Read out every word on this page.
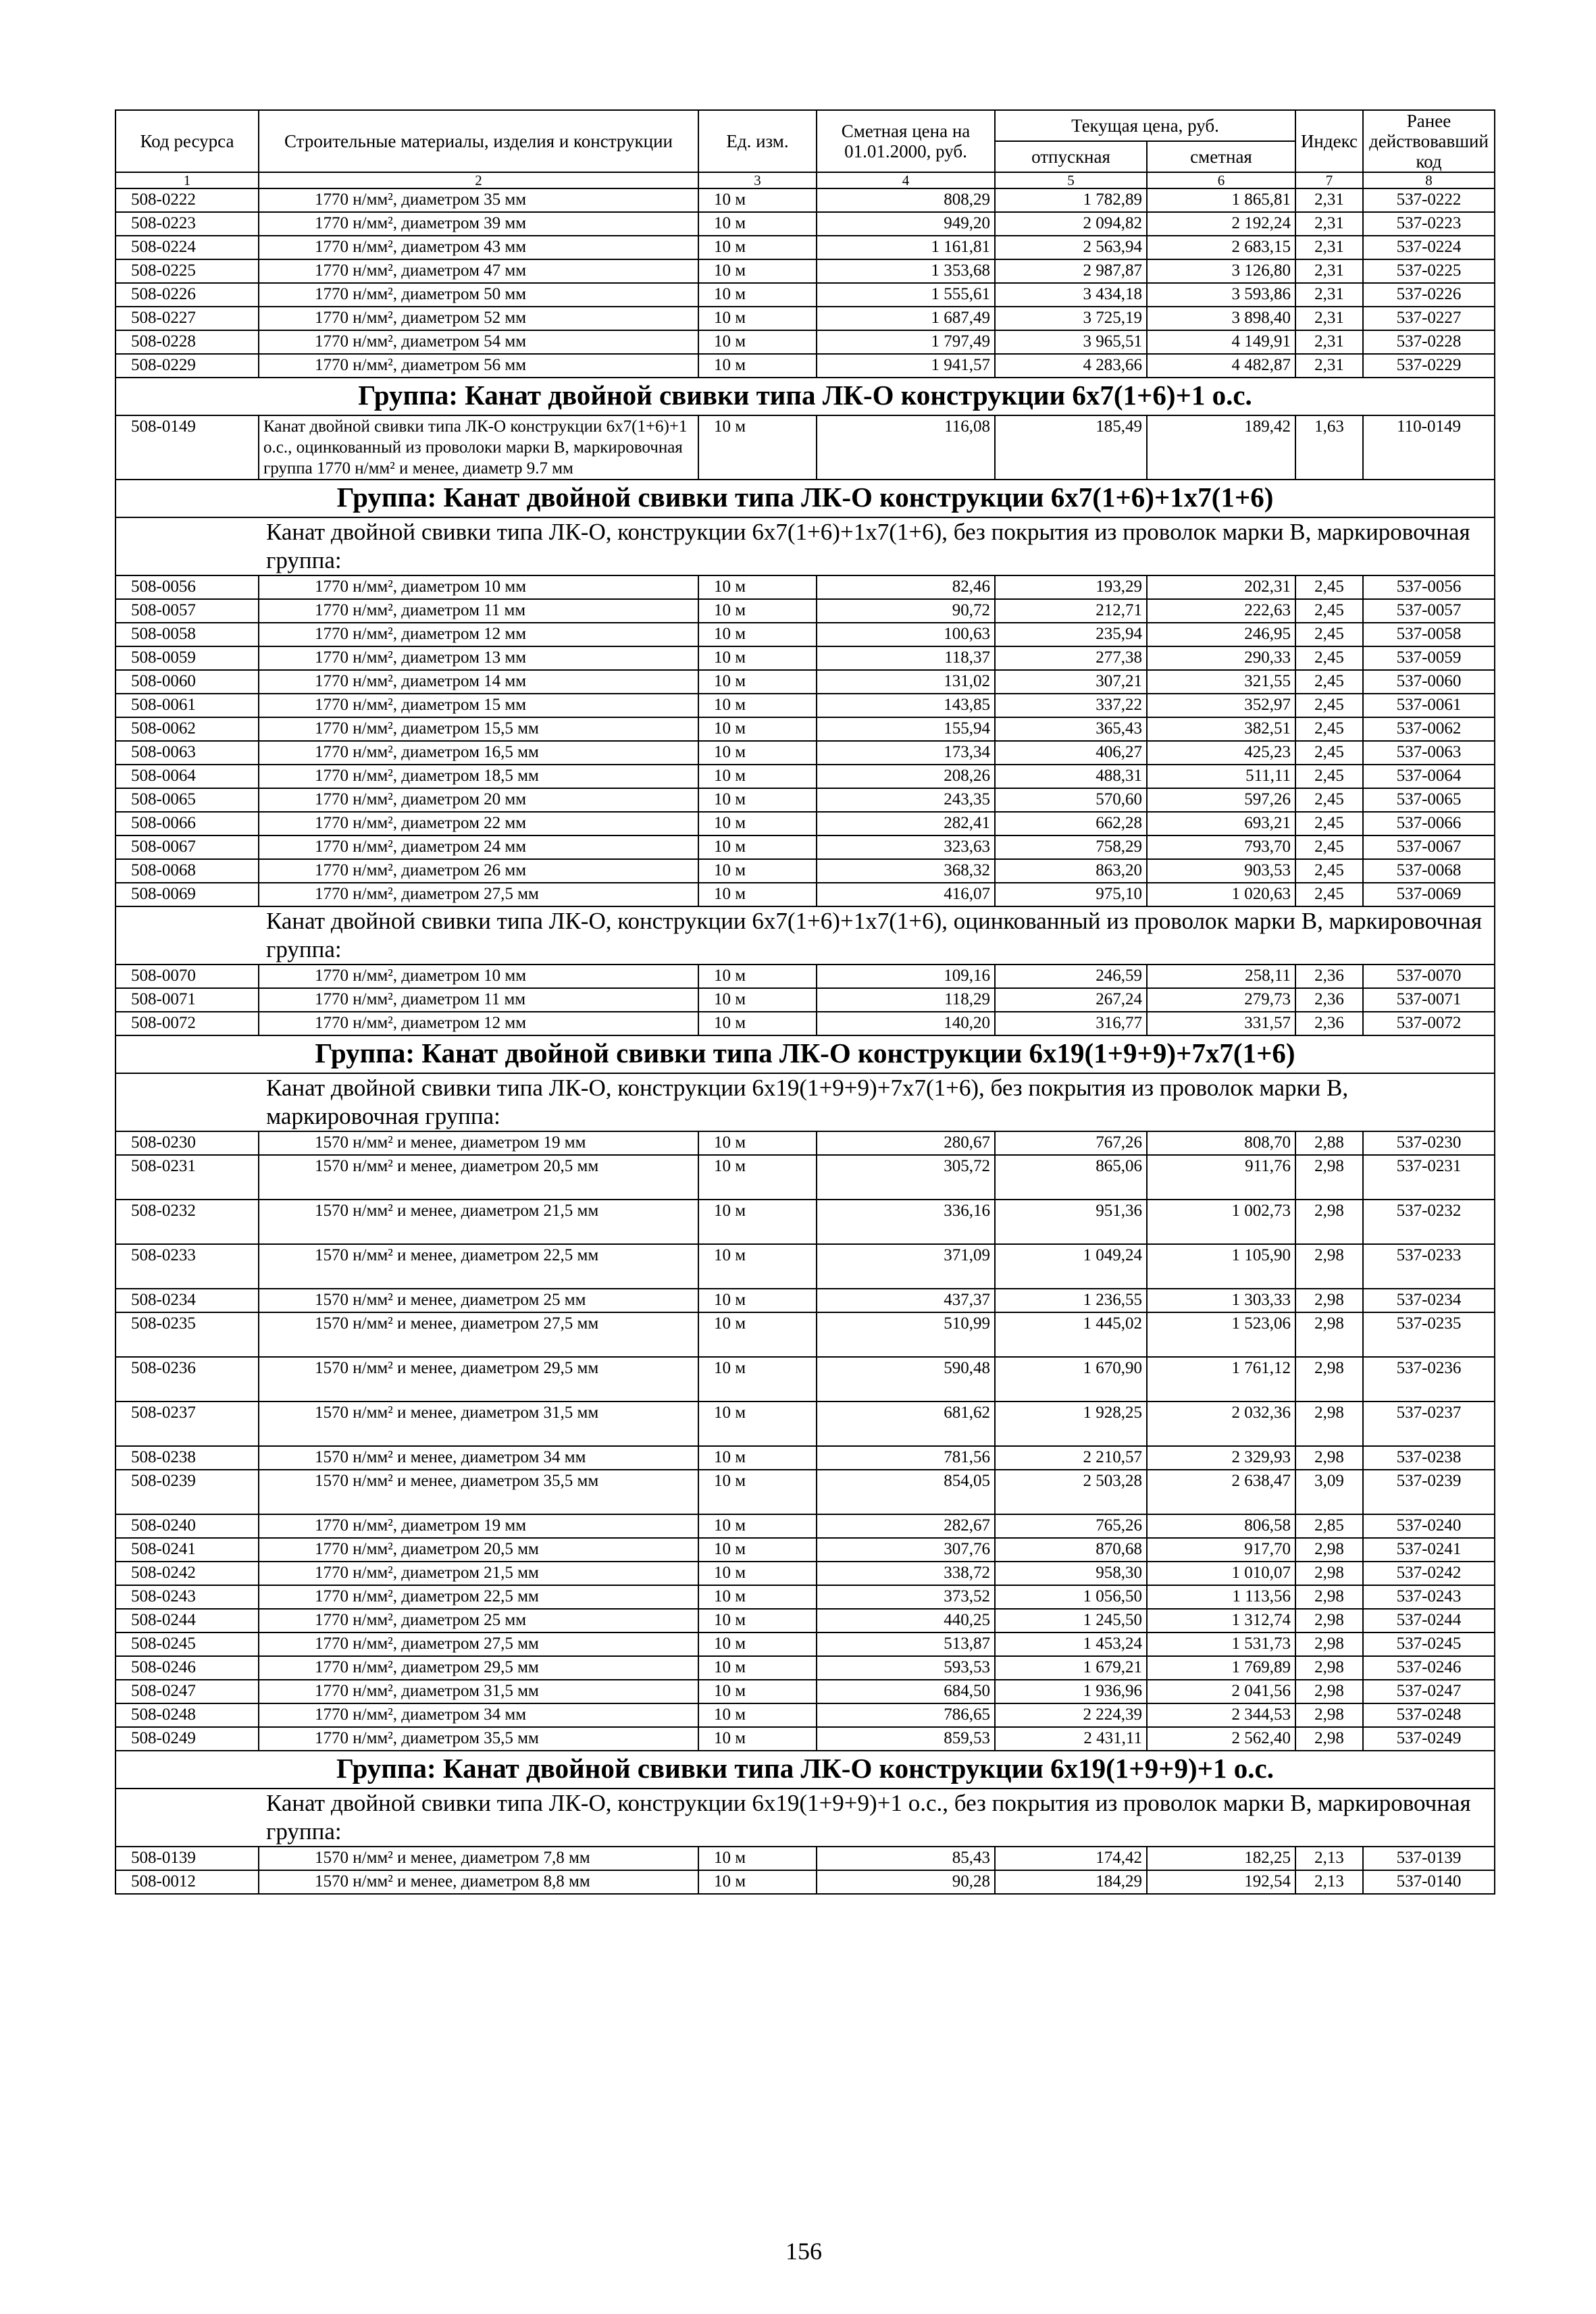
Код ресурса	Строительные материалы, изделия и конструкции	Ед. изм.	Сметная цена на 01.01.2000, руб.	Текущая цена, руб.		Индекс	Ранее действовавший код
				отпускная	сметная		
1	2	3	4	5	6	7	8
508-0222	1770 н/мм², диаметром 35 мм	10 м	808,29	1 782,89	1 865,81	2,31	537-0222
508-0223	1770 н/мм², диаметром 39 мм	10 м	949,20	2 094,82	2 192,24	2,31	537-0223
508-0224	1770 н/мм², диаметром 43 мм	10 м	1 161,81	2 563,94	2 683,15	2,31	537-0224
508-0225	1770 н/мм², диаметром 47 мм	10 м	1 353,68	2 987,87	3 126,80	2,31	537-0225
508-0226	1770 н/мм², диаметром 50 мм	10 м	1 555,61	3 434,18	3 593,86	2,31	537-0226
508-0227	1770 н/мм², диаметром 52 мм	10 м	1 687,49	3 725,19	3 898,40	2,31	537-0227
508-0228	1770 н/мм², диаметром 54 мм	10 м	1 797,49	3 965,51	4 149,91	2,31	537-0228
508-0229	1770 н/мм², диаметром 56 мм	10 м	1 941,57	4 283,66	4 482,87	2,31	537-0229
Группа: Канат двойной свивки типа ЛК-О конструкции 6х7(1+6)+1 о.с.							
508-0149	Канат двойной свивки типа ЛК-О конструкции 6х7(1+6)+1 о.с., оцинкованный из проволоки марки В, маркировочная группа 1770 н/мм² и менее, диаметр 9.7 мм	10 м	116,08	185,49	189,42	1,63	110-0149
Группа: Канат двойной свивки типа ЛК-О конструкции 6х7(1+6)+1х7(1+6)							
Канат двойной свивки типа ЛК-О, конструкции 6х7(1+6)+1х7(1+6), без покрытия из проволок марки В, маркировочная группа:							
508-0056	1770 н/мм², диаметром 10 мм	10 м	82,46	193,29	202,31	2,45	537-0056
508-0057	1770 н/мм², диаметром 11 мм	10 м	90,72	212,71	222,63	2,45	537-0057
508-0058	1770 н/мм², диаметром 12 мм	10 м	100,63	235,94	246,95	2,45	537-0058
508-0059	1770 н/мм², диаметром 13 мм	10 м	118,37	277,38	290,33	2,45	537-0059
508-0060	1770 н/мм², диаметром 14 мм	10 м	131,02	307,21	321,55	2,45	537-0060
508-0061	1770 н/мм², диаметром 15 мм	10 м	143,85	337,22	352,97	2,45	537-0061
508-0062	1770 н/мм², диаметром 15,5 мм	10 м	155,94	365,43	382,51	2,45	537-0062
508-0063	1770 н/мм², диаметром 16,5 мм	10 м	173,34	406,27	425,23	2,45	537-0063
508-0064	1770 н/мм², диаметром 18,5 мм	10 м	208,26	488,31	511,11	2,45	537-0064
508-0065	1770 н/мм², диаметром 20 мм	10 м	243,35	570,60	597,26	2,45	537-0065
508-0066	1770 н/мм², диаметром 22 мм	10 м	282,41	662,28	693,21	2,45	537-0066
508-0067	1770 н/мм², диаметром 24 мм	10 м	323,63	758,29	793,70	2,45	537-0067
508-0068	1770 н/мм², диаметром 26 мм	10 м	368,32	863,20	903,53	2,45	537-0068
508-0069	1770 н/мм², диаметром 27,5 мм	10 м	416,07	975,10	1 020,63	2,45	537-0069
Канат двойной свивки типа ЛК-О, конструкции 6х7(1+6)+1х7(1+6), оцинкованный из проволок марки В, маркировочная группа:							
508-0070	1770 н/мм², диаметром 10 мм	10 м	109,16	246,59	258,11	2,36	537-0070
508-0071	1770 н/мм², диаметром 11 мм	10 м	118,29	267,24	279,73	2,36	537-0071
508-0072	1770 н/мм², диаметром 12 мм	10 м	140,20	316,77	331,57	2,36	537-0072
Группа: Канат двойной свивки типа ЛК-О конструкции 6х19(1+9+9)+7х7(1+6)							
Канат двойной свивки типа ЛК-О, конструкции 6х19(1+9+9)+7х7(1+6), без покрытия из проволок марки В, маркировочная группа:							
508-0230	1570 н/мм² и менее, диаметром 19 мм	10 м	280,67	767,26	808,70	2,88	537-0230
508-0231	1570 н/мм² и менее, диаметром 20,5 мм	10 м	305,72	865,06	911,76	2,98	537-0231
508-0232	1570 н/мм² и менее, диаметром 21,5 мм	10 м	336,16	951,36	1 002,73	2,98	537-0232
508-0233	1570 н/мм² и менее, диаметром 22,5 мм	10 м	371,09	1 049,24	1 105,90	2,98	537-0233
508-0234	1570 н/мм² и менее, диаметром 25 мм	10 м	437,37	1 236,55	1 303,33	2,98	537-0234
508-0235	1570 н/мм² и менее, диаметром 27,5 мм	10 м	510,99	1 445,02	1 523,06	2,98	537-0235
508-0236	1570 н/мм² и менее, диаметром 29,5 мм	10 м	590,48	1 670,90	1 761,12	2,98	537-0236
508-0237	1570 н/мм² и менее, диаметром 31,5 мм	10 м	681,62	1 928,25	2 032,36	2,98	537-0237
508-0238	1570 н/мм² и менее, диаметром 34 мм	10 м	781,56	2 210,57	2 329,93	2,98	537-0238
508-0239	1570 н/мм² и менее, диаметром 35,5 мм	10 м	854,05	2 503,28	2 638,47	3,09	537-0239
508-0240	1770 н/мм², диаметром 19 мм	10 м	282,67	765,26	806,58	2,85	537-0240
508-0241	1770 н/мм², диаметром 20,5 мм	10 м	307,76	870,68	917,70	2,98	537-0241
508-0242	1770 н/мм², диаметром 21,5 мм	10 м	338,72	958,30	1 010,07	2,98	537-0242
508-0243	1770 н/мм², диаметром 22,5 мм	10 м	373,52	1 056,50	1 113,56	2,98	537-0243
508-0244	1770 н/мм², диаметром 25 мм	10 м	440,25	1 245,50	1 312,74	2,98	537-0244
508-0245	1770 н/мм², диаметром 27,5 мм	10 м	513,87	1 453,24	1 531,73	2,98	537-0245
508-0246	1770 н/мм², диаметром 29,5 мм	10 м	593,53	1 679,21	1 769,89	2,98	537-0246
508-0247	1770 н/мм², диаметром 31,5 мм	10 м	684,50	1 936,96	2 041,56	2,98	537-0247
508-0248	1770 н/мм², диаметром 34 мм	10 м	786,65	2 224,39	2 344,53	2,98	537-0248
508-0249	1770 н/мм², диаметром 35,5 мм	10 м	859,53	2 431,11	2 562,40	2,98	537-0249
Группа: Канат двойной свивки типа ЛК-О конструкции 6х19(1+9+9)+1 о.с.							
Канат двойной свивки типа ЛК-О, конструкции 6х19(1+9+9)+1 о.с., без покрытия из проволок марки В, маркировочная группа:							
508-0139	1570 н/мм² и менее, диаметром 7,8 мм	10 м	85,43	174,42	182,25	2,13	537-0139
508-0012	1570 н/мм² и менее, диаметром 8,8 мм	10 м	90,28	184,29	192,54	2,13	537-0140
156
